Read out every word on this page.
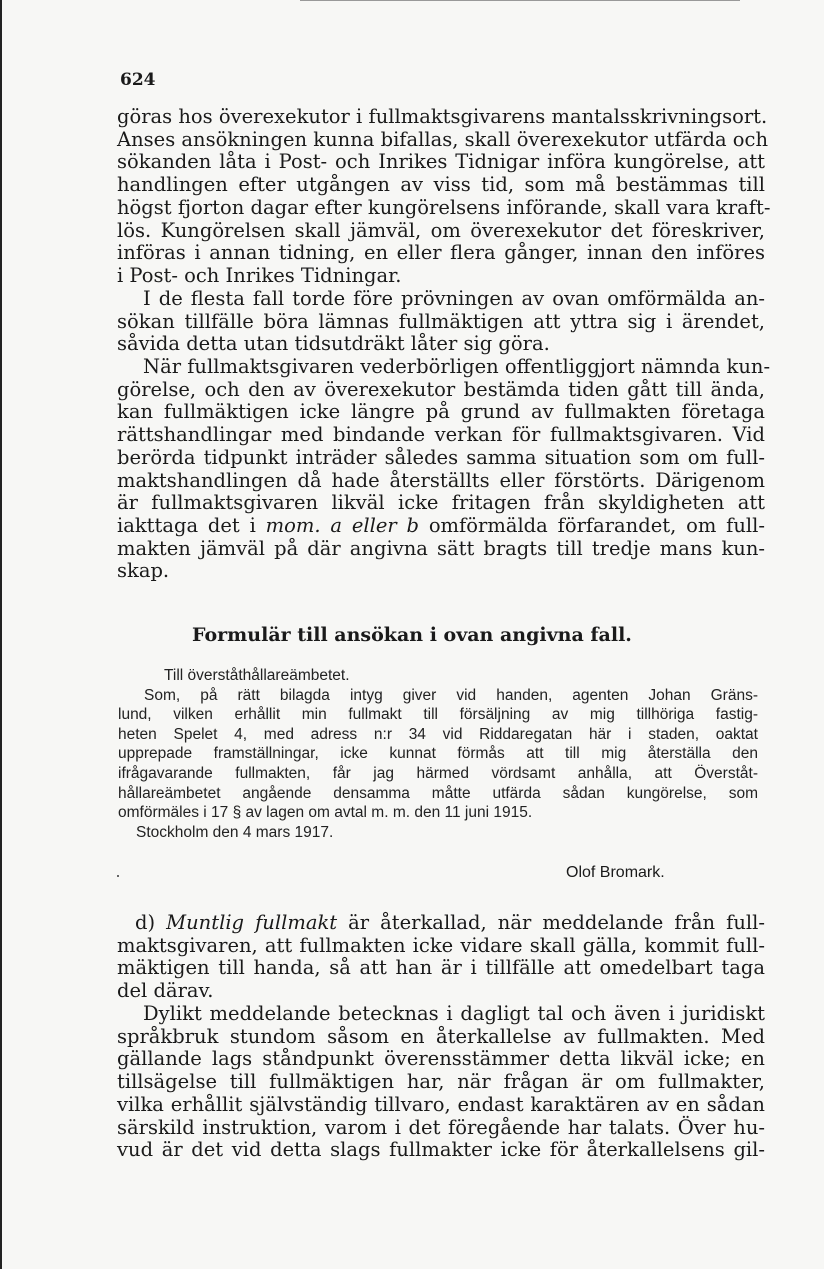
624
göras hos överexekutor i fullmaktsgivarens mantalsskrivningsort.
Anses ansökningen kunna bifallas, skall överexekutor utfärda och
sökanden låta i Post- och Inrikes Tidnigar införa kungörelse, att
handlingen efter utgången av viss tid, som må bestämmas till
högst fjorton dagar efter kungörelsens införande, skall vara kraft-
lös. Kungörelsen skall jämväl, om överexekutor det föreskriver,
införas i annan tidning, en eller flera gånger, innan den införes
i Post- och Inrikes Tidningar.
I de flesta fall torde före prövningen av ovan omförmälda an-
sökan tillfälle böra lämnas fullmäktigen att yttra sig i ärendet,
såvida detta utan tidsutdräkt låter sig göra.
När fullmaktsgivaren vederbörligen offentliggjort nämnda kun-
görelse, och den av överexekutor bestämda tiden gått till ända,
kan fullmäktigen icke längre på grund av fullmakten företaga
rättshandlingar med bindande verkan för fullmaktsgivaren. Vid
berörda tidpunkt inträder således samma situation som om full-
maktshandlingen då hade återställts eller förstörts. Därigenom
är fullmaktsgivaren likväl icke fritagen från skyldigheten att
iakttaga det i mom. a eller b omförmälda förfarandet, om full-
makten jämväl på där angivna sätt bragts till tredje mans kun-
skap.
Formulär till ansökan i ovan angivna fall.
Till överståthållareämbetet.
Som, på rätt bilagda intyg giver vid handen, agenten Johan Gräns-
lund, vilken erhållit min fullmakt till försäljning av mig tillhöriga fastig-
heten Spelet 4, med adress n:r 34 vid Riddaregatan här i staden, oaktat
upprepade framställningar, icke kunnat förmås att till mig återställa den
ifrågavarande fullmakten, får jag härmed vördsamt anhålla, att Överståt-
hållareämbetet angående densamma måtte utfärda sådan kungörelse, som
omförmäles i 17 § av lagen om avtal m. m. den 11 juni 1915.
Stockholm den 4 mars 1917.
Olof Bromark.
d) Muntlig fullmakt är återkallad, när meddelande från full-
maktsgivaren, att fullmakten icke vidare skall gälla, kommit full-
mäktigen till handa, så att han är i tillfälle att omedelbart taga
del därav.
Dylikt meddelande betecknas i dagligt tal och även i juridiskt
språkbruk stundom såsom en återkallelse av fullmakten. Med
gällande lags ståndpunkt överensstämmer detta likväl icke; en
tillsägelse till fullmäktigen har, när frågan är om fullmakter,
vilka erhållit självständig tillvaro, endast karaktären av en sådan
särskild instruktion, varom i det föregående har talats. Över hu-
vud är det vid detta slags fullmakter icke för återkallelsens gil-
